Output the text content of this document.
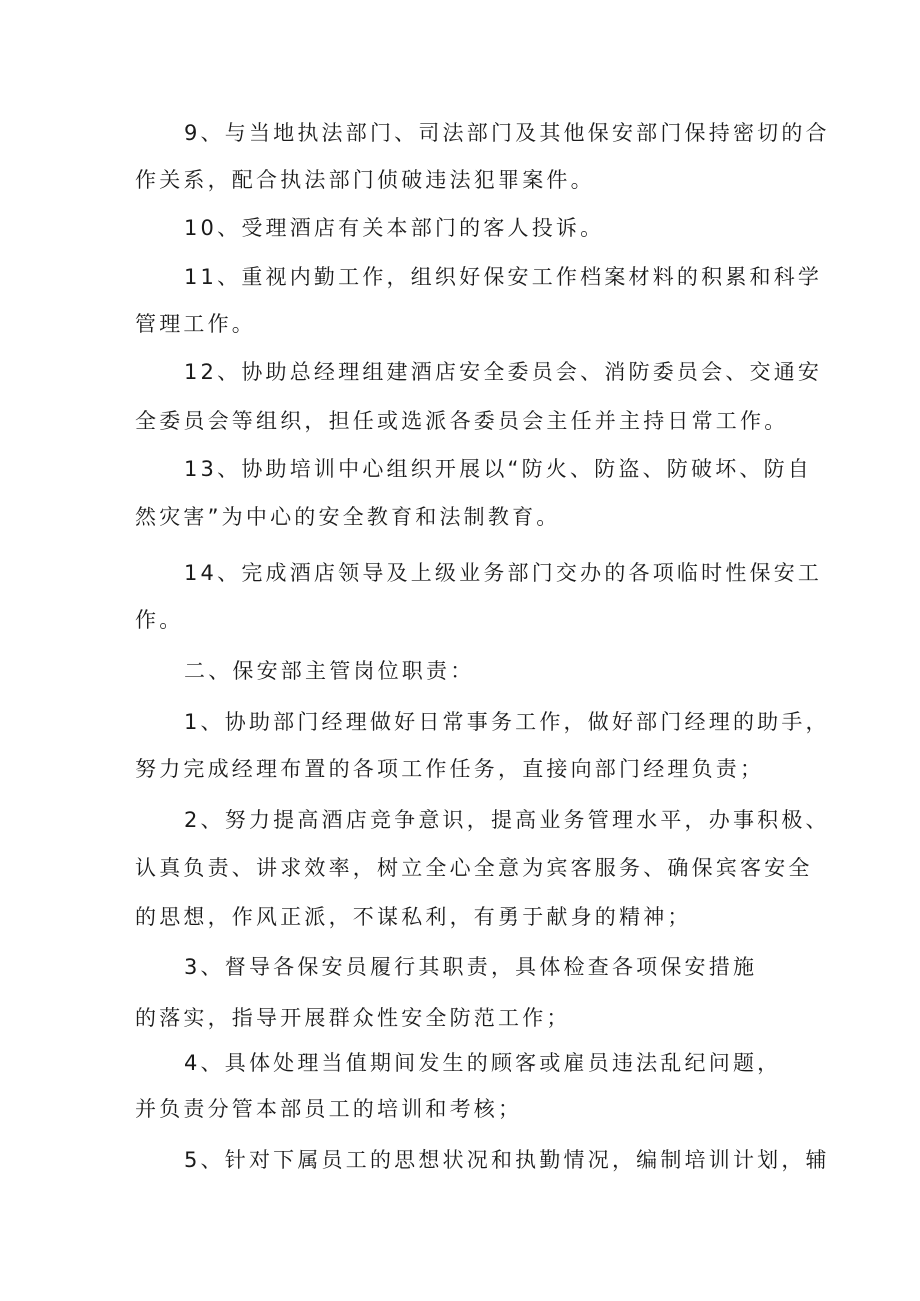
9、与当地执法部门、司法部门及其他保安部门保持密切的合
作关系，配合执法部门侦破违法犯罪案件。
10、受理酒店有关本部门的客人投诉。
11、重视内勤工作，组织好保安工作档案材料的积累和科学
管理工作。
12、协助总经理组建酒店安全委员会、消防委员会、交通安
全委员会等组织，担任或选派各委员会主任并主持日常工作。
13、协助培训中心组织开展以“防火、防盗、防破坏、防自
然灾害”为中心的安全教育和法制教育。
14、完成酒店领导及上级业务部门交办的各项临时性保安工
作。
二、保安部主管岗位职责：
1、协助部门经理做好日常事务工作，做好部门经理的助手，
努力完成经理布置的各项工作任务，直接向部门经理负责；
2、努力提高酒店竞争意识，提高业务管理水平，办事积极、
认真负责、讲求效率，树立全心全意为宾客服务、确保宾客安全
的思想，作风正派，不谋私利，有勇于献身的精神；
3、督导各保安员履行其职责，具体检查各项保安措施
的落实，指导开展群众性安全防范工作；
4、具体处理当值期间发生的顾客或雇员违法乱纪问题，
并负责分管本部员工的培训和考核；
5、针对下属员工的思想状况和执勤情况，编制培训计划，辅
